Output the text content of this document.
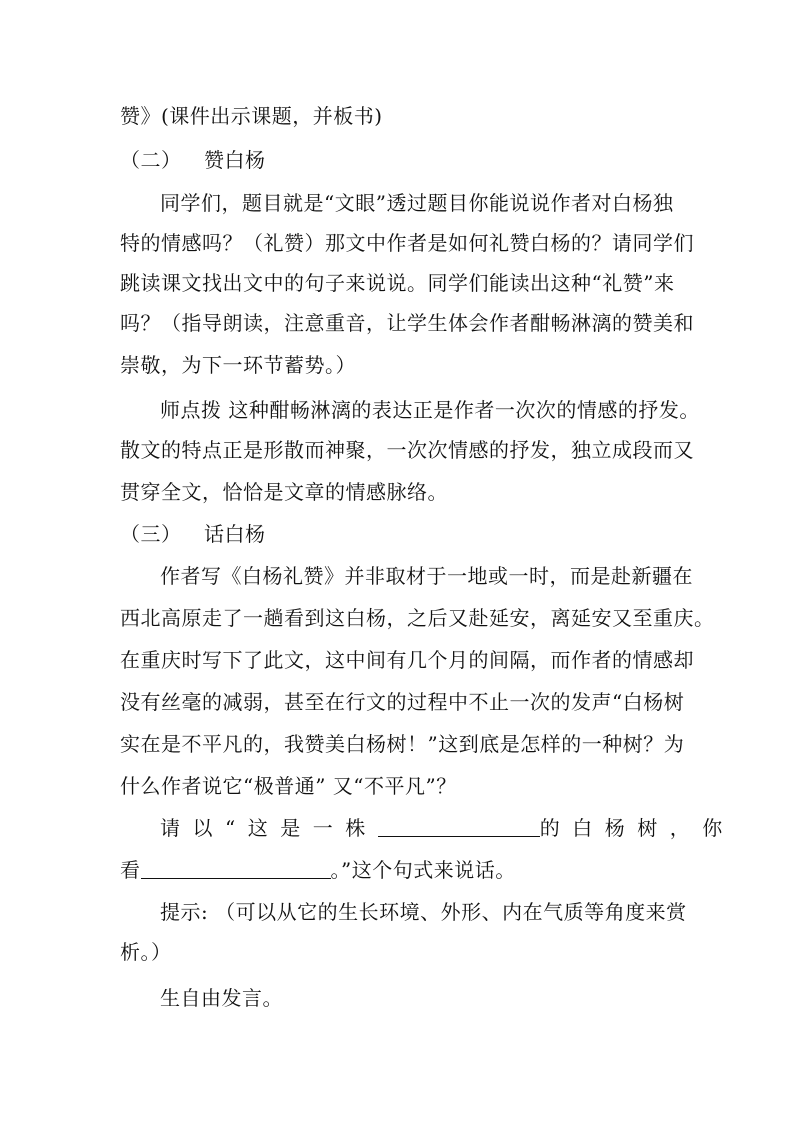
赞》(课件出示课题，并板书)
（二） 赞白杨
同学们，题目就是“文眼”透过题目你能说说作者对白杨独
特的情感吗？（礼赞）那文中作者是如何礼赞白杨的？请同学们
跳读课文找出文中的句子来说说。同学们能读出这种“礼赞”来
吗？（指导朗读，注意重音，让学生体会作者酣畅淋漓的赞美和
崇敬，为下一环节蓄势。）
师点拨 这种酣畅淋漓的表达正是作者一次次的情感的抒发。
散文的特点正是形散而神聚，一次次情感的抒发，独立成段而又
贯穿全文，恰恰是文章的情感脉络。
（三） 话白杨
作者写《白杨礼赞》并非取材于一地或一时，而是赴新疆在
西北高原走了一趟看到这白杨，之后又赴延安，离延安又至重庆。
在重庆时写下了此文，这中间有几个月的间隔，而作者的情感却
没有丝毫的减弱，甚至在行文的过程中不止一次的发声“白杨树
实在是不平凡的，我赞美白杨树！”这到底是怎样的一种树？为
什么作者说它“极普通” 又“不平凡”？
请以“这是一株	的白杨树，你
看	。”这个句式来说话。
提示: （可以从它的生长环境、外形、内在气质等角度来赏
析。）
生自由发言。
